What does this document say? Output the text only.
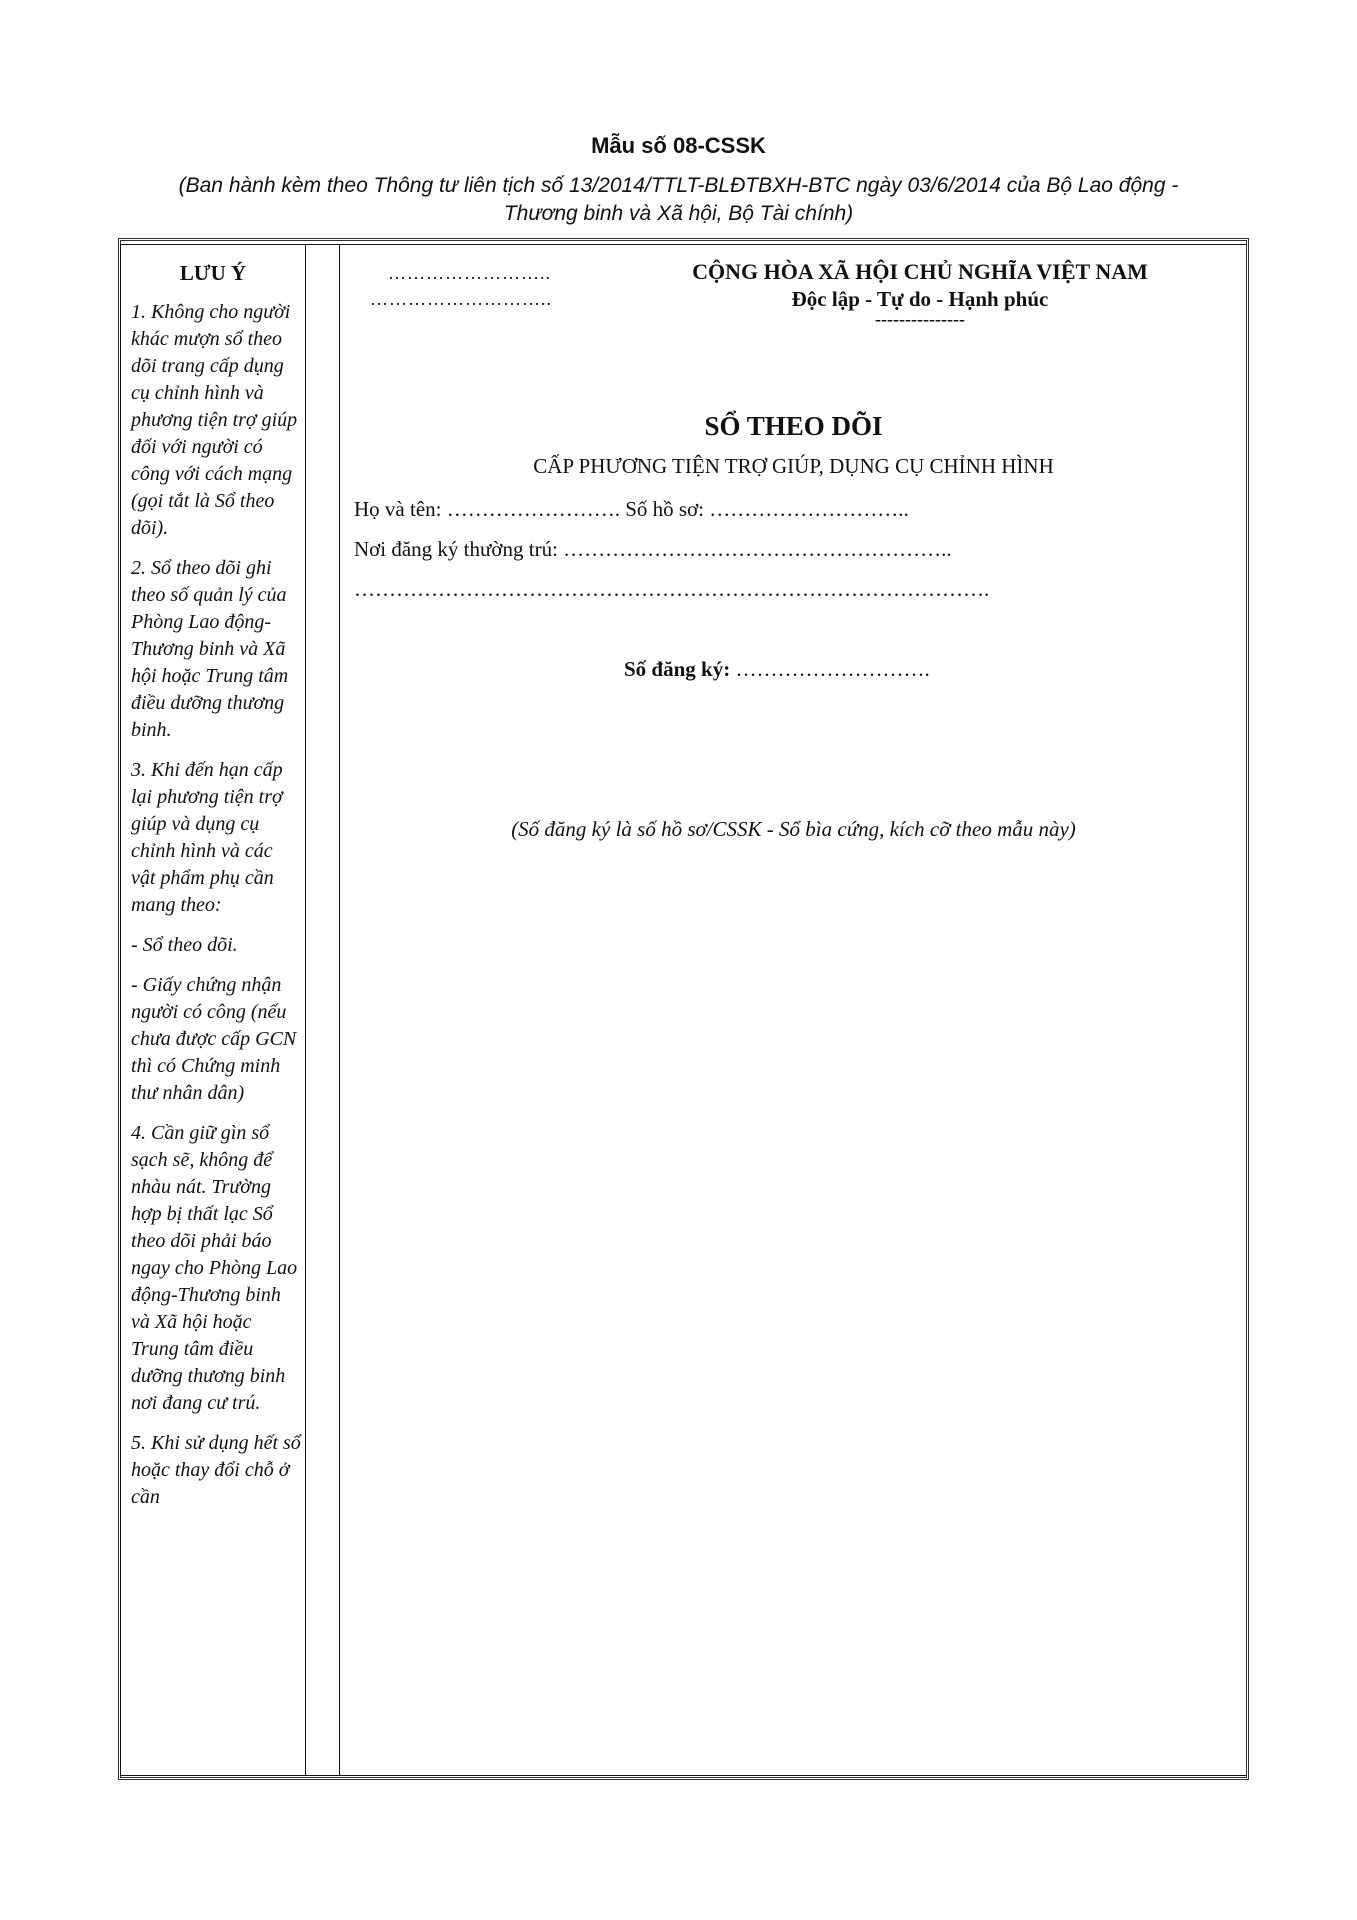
Mẫu số 08-CSSK
(Ban hành kèm theo Thông tư liên tịch số 13/2014/TTLT-BLĐTBXH-BTC ngày 03/6/2014 của Bộ Lao động -
Thương binh và Xã hội, Bộ Tài chính)
LƯU Ý

1. Không cho người khác mượn sổ theo dõi trang cấp dụng cụ chỉnh hình và phương tiện trợ giúp đối với người có công với cách mạng (gọi tắt là Sổ theo dõi).

2. Sổ theo dõi ghi theo số quản lý của Phòng Lao động-Thương binh và Xã hội hoặc Trung tâm điều dưỡng thương binh.

3. Khi đến hạn cấp lại phương tiện trợ giúp và dụng cụ chỉnh hình và các vật phẩm phụ cần mang theo:

- Sổ theo dõi.

- Giấy chứng nhận người có công (nếu chưa được cấp GCN thì có Chứng minh thư nhân dân)

4. Cần giữ gìn sổ sạch sẽ, không để nhàu nát. Trường hợp bị thất lạc Sổ theo dõi phải báo ngay cho Phòng Lao động-Thương binh và Xã hội hoặc Trung tâm điều dưỡng thương binh nơi đang cư trú.

5. Khi sử dụng hết sổ hoặc thay đổi chỗ ở cần

……………………..
………………………..
CỘNG HÒA XÃ HỘI CHỦ NGHĨA VIỆT NAM
Độc lập - Tự do - Hạnh phúc
---------------
SỔ THEO DÕI
CẤP PHƯƠNG TIỆN TRỢ GIÚP, DỤNG CỤ CHỈNH HÌNH
Họ và tên: ……………………. Số hồ sơ: ………………………..
Nơi đăng ký thường trú: ………………………………………………..
……………………………………………………………………………….
Số đăng ký: ……………………….
(Số đăng ký là số hồ sơ/CSSK - Sổ bìa cứng, kích cỡ theo mẫu này)
